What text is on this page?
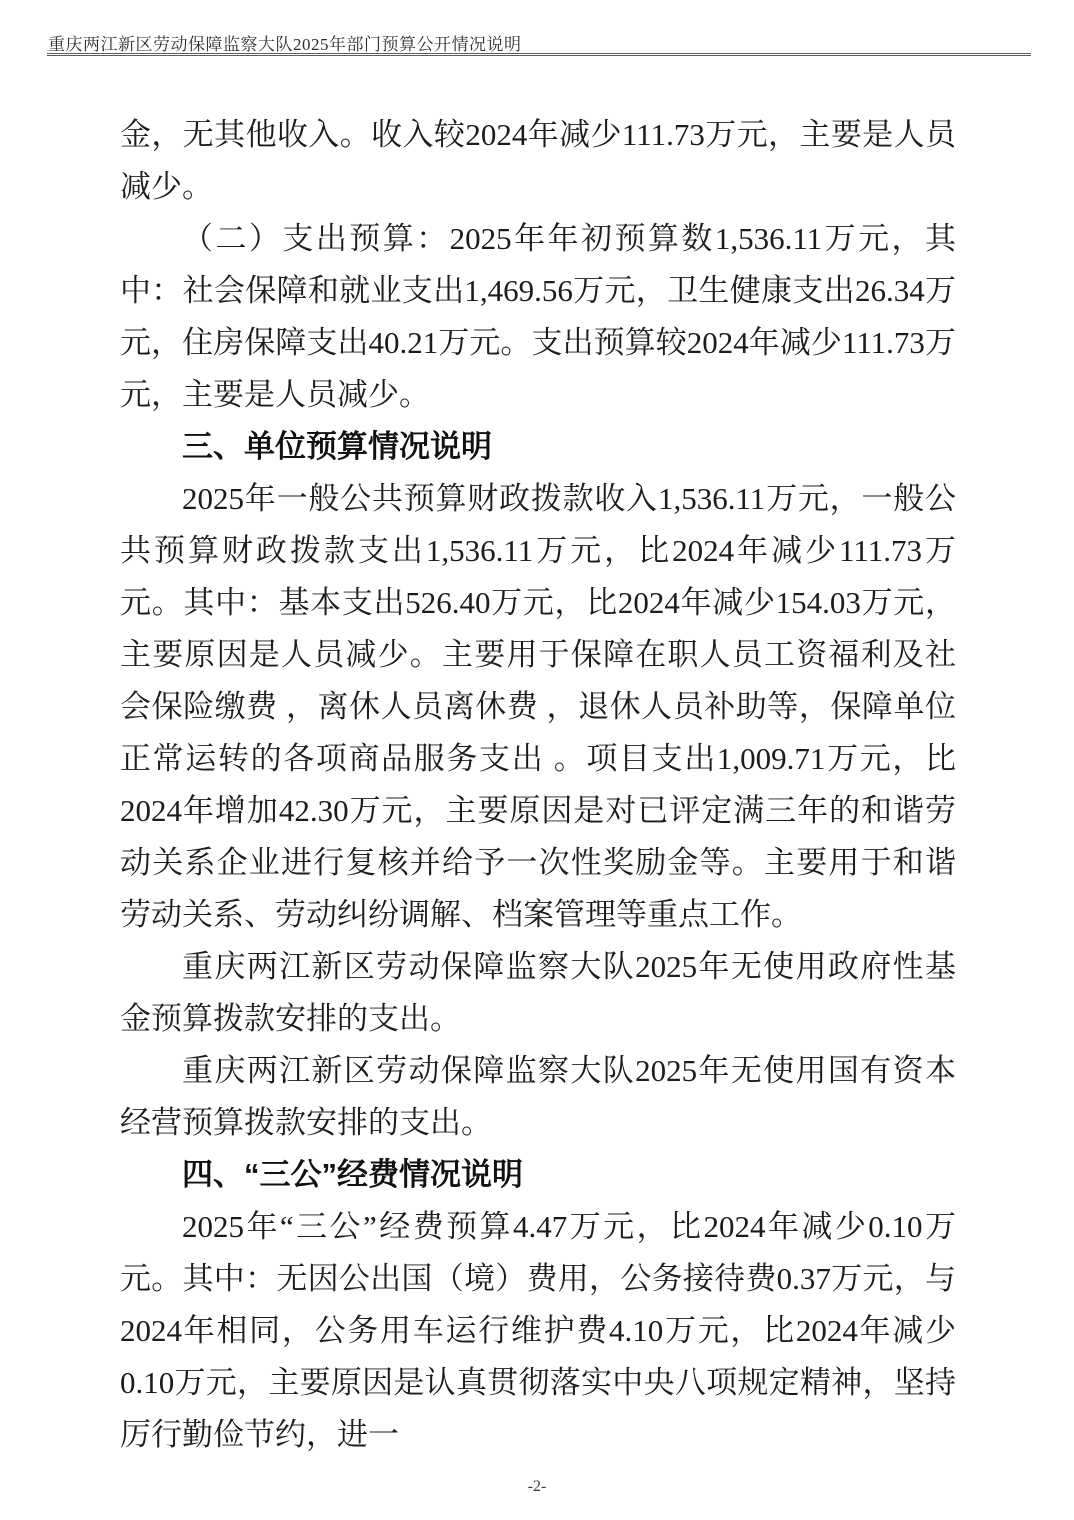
重庆两江新区劳动保障监察大队2025年部门预算公开情况说明

金，无其他收入。收入较2024年减少111.73万元，主要是人员减少。

（二）支出预算：2025年年初预算数1,536.11万元，其中：社会保障和就业支出1,469.56万元，卫生健康支出26.34万元，住房保障支出40.21万元。支出预算较2024年减少111.73万元，主要是人员减少。

三、单位预算情况说明

2025年一般公共预算财政拨款收入1,536.11万元，一般公共预算财政拨款支出1,536.11万元，比2024年减少111.73万元。其中：基本支出526.40万元，比2024年减少154.03万元，主要原因是人员减少。主要用于保障在职人员工资福利及社会保险缴费 ，离休人员离休费 ，退休人员补助等，保障单位正常运转的各项商品服务支出 。项目支出1,009.71万元，比2024年增加42.30万元，主要原因是对已评定满三年的和谐劳动关系企业进行复核并给予一次性奖励金等。主要用于和谐劳动关系、劳动纠纷调解、档案管理等重点工作。

重庆两江新区劳动保障监察大队2025年无使用政府性基金预算拨款安排的支出。

重庆两江新区劳动保障监察大队2025年无使用国有资本经营预算拨款安排的支出。

四、“三公”经费情况说明

2025年“三公”经费预算4.47万元，比2024年减少0.10万元。其中：无因公出国（境）费用，公务接待费0.37万元，与2024年相同，公务用车运行维护费4.10万元，比2024年减少0.10万元，主要原因是认真贯彻落实中央八项规定精神，坚持厉行勤俭节约，进一

-2-
